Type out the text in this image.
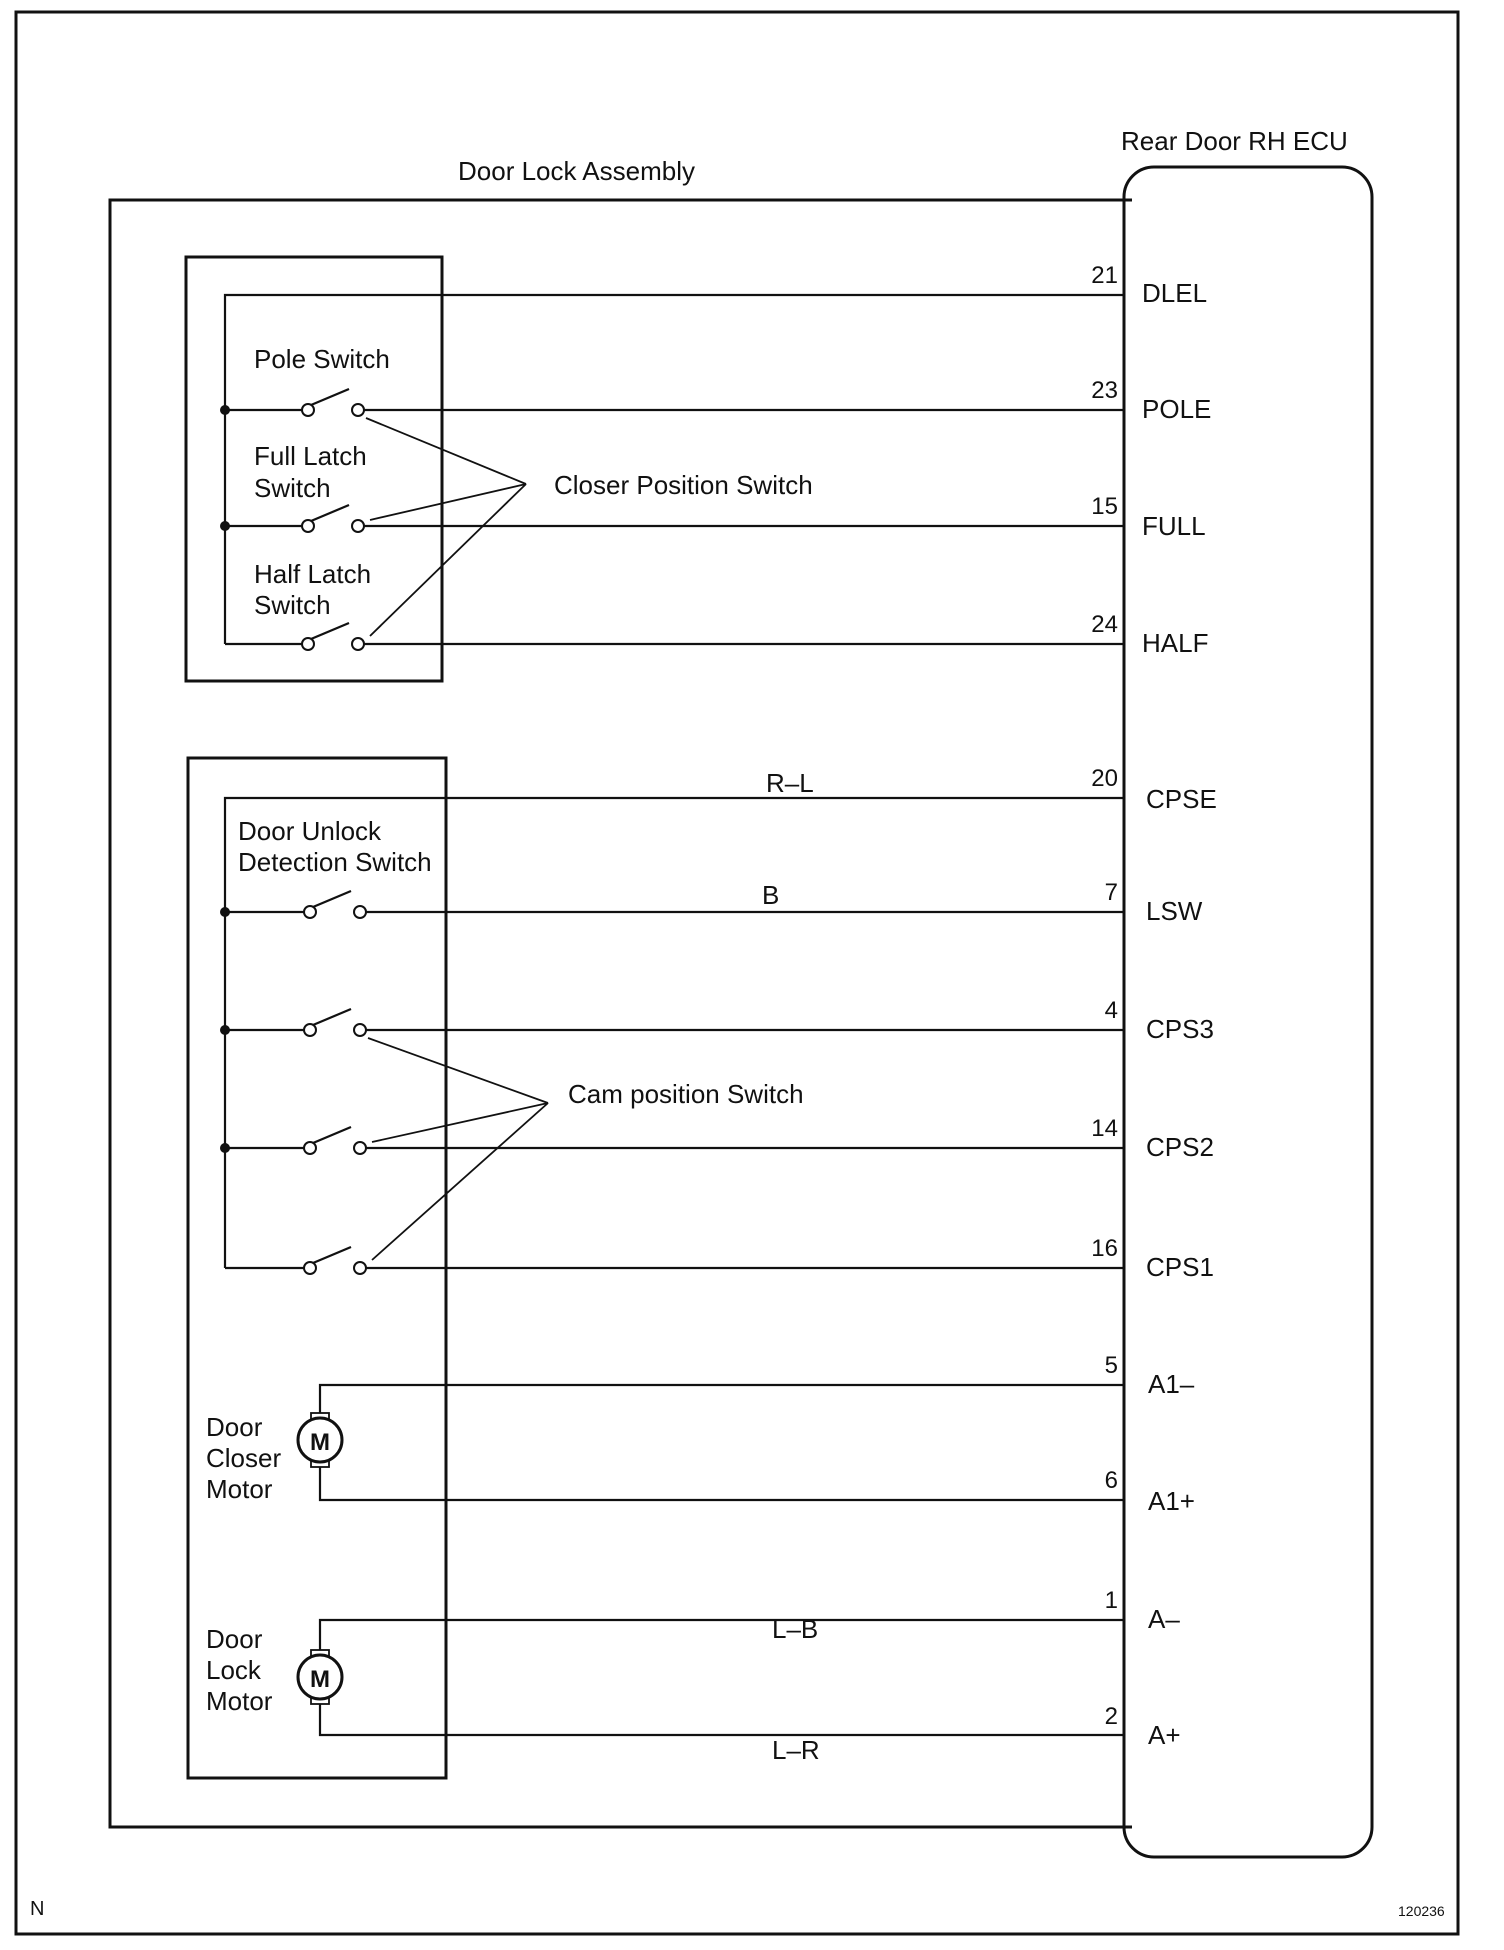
Door Lock Assembly
Rear Door RH ECU
Pole Switch
Full Latch
Switch
Half Latch
Switch
Closer Position Switch
R–L
Door Unlock
Detection Switch
B
Cam position Switch
M
Door
Closer
Motor
M
Door
Lock
Motor
L–B
L–R
21
DLEL
23
POLE
15
FULL
24
HALF
20
CPSE
7
LSW
4
CPS3
14
CPS2
16
CPS1
5
A1–
6
A1+
1
A–
2
A+
N	120236
